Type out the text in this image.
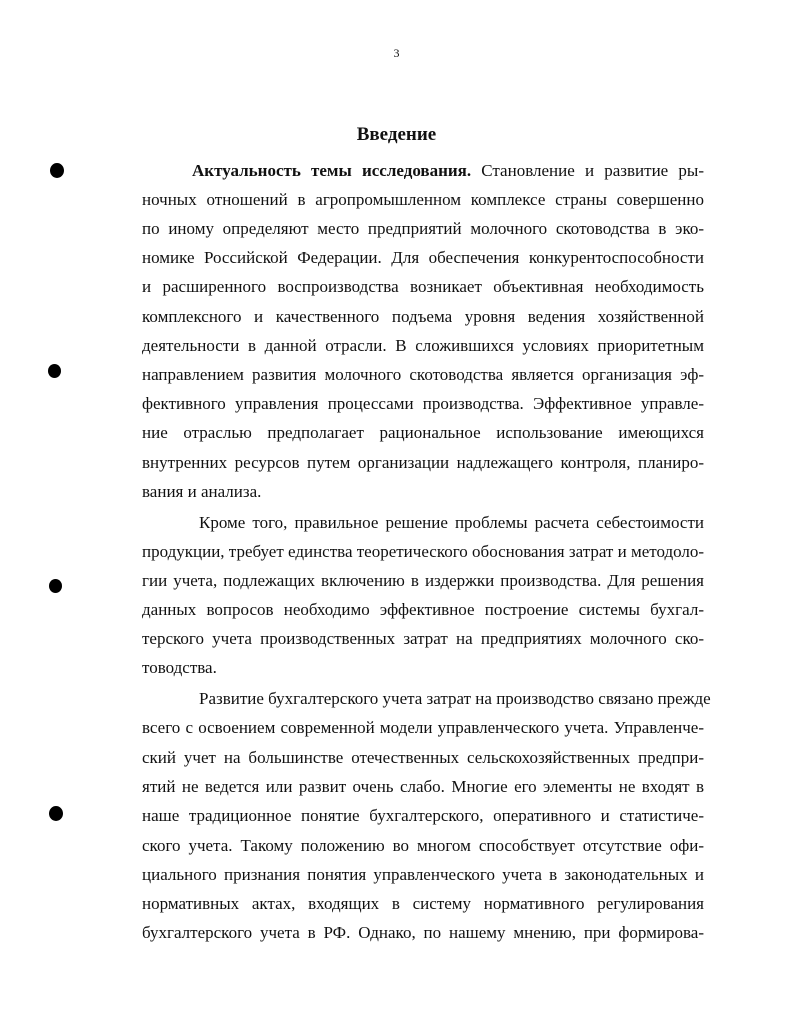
3
Введение
Актуальность темы исследования. Становление и развитие ры-
ночных отношений в агропромышленном комплексе страны совершенно
по иному определяют место предприятий молочного скотоводства в эко-
номике Российской Федерации. Для обеспечения конкурентоспособности
и расширенного воспроизводства возникает объективная необходимость
комплексного и качественного подъема уровня ведения хозяйственной
деятельности в данной отрасли. В сложившихся условиях приоритетным
направлением развития молочного скотоводства является организация эф-
фективного управления процессами производства. Эффективное управле-
ние отраслью предполагает рациональное использование имеющихся
внутренних ресурсов путем организации надлежащего контроля, планиро-
вания и анализа.
Кроме того, правильное решение проблемы расчета себестоимости
продукции, требует единства теоретического обоснования затрат и методоло-
гии учета, подлежащих включению в издержки производства. Для решения
данных вопросов необходимо эффективное построение системы бухгал-
терского учета производственных затрат на предприятиях молочного ско-
товодства.
Развитие бухгалтерского учета затрат на производство связано прежде
всего с освоением современной модели управленческого учета. Управленче-
ский учет на большинстве отечественных сельскохозяйственных предпри-
ятий не ведется или развит очень слабо. Многие его элементы не входят в
наше традиционное понятие бухгалтерского, оперативного и статистиче-
ского учета. Такому положению во многом способствует отсутствие офи-
циального признания понятия управленческого учета в законодательных и
нормативных актах, входящих в систему нормативного регулирования
бухгалтерского учета в РФ. Однако, по нашему мнению, при формирова-
